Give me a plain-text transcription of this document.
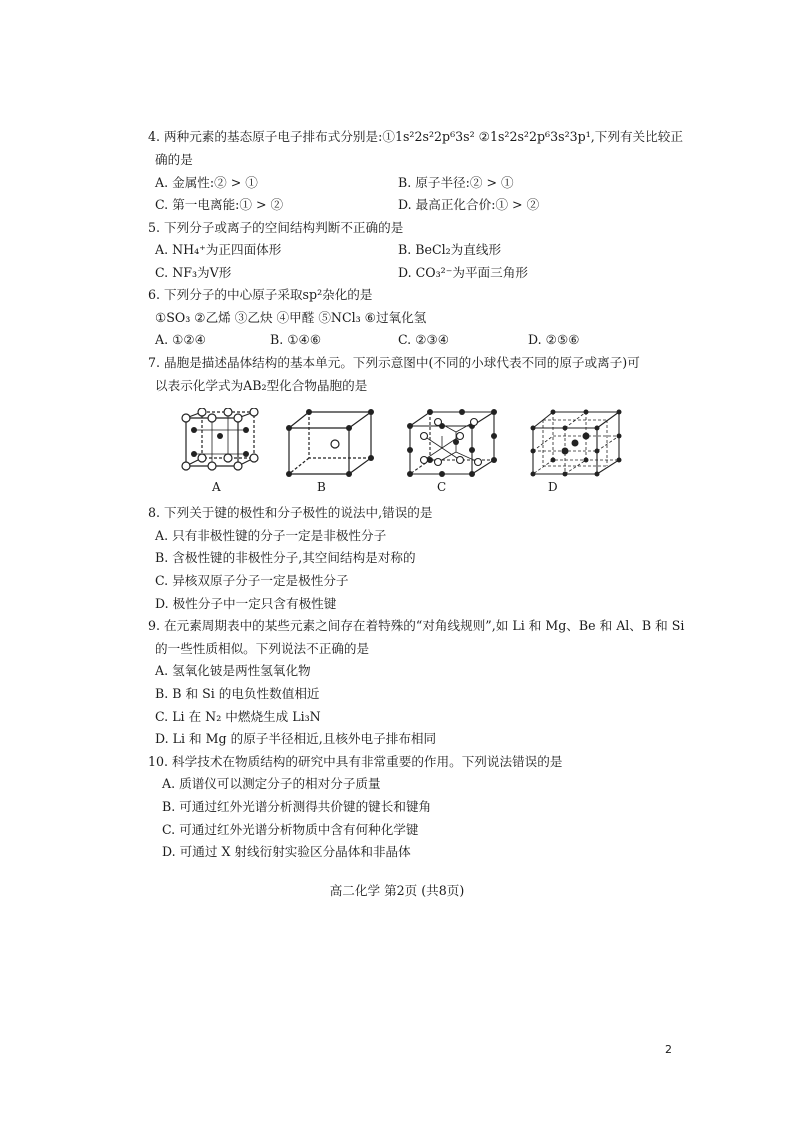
4. 两种元素的基态原子电子排布式分别是:①1s²2s²2p⁶3s² ②1s²2s²2p⁶3s²3p¹,下列有关比较正
确的是
A. 金属性:② > ①	B. 原子半径:② > ①
C. 第一电离能:① > ②	D. 最高正化合价:① > ②
5. 下列分子或离子的空间结构判断不正确的是
A. NH₄⁺为正四面体形	B. BeCl₂为直线形
C. NF₃为V形	D. CO₃²⁻为平面三角形
6. 下列分子的中心原子采取sp²杂化的是
①SO₃ ②乙烯 ③乙炔 ④甲醛 ⑤NCl₃ ⑥过氧化氢
A. ①②④	B. ①④⑥	C. ②③④	D. ②⑤⑥
7. 晶胞是描述晶体结构的基本单元。下列示意图中(不同的小球代表不同的原子或离子)可
以表示化学式为AB₂型化合物晶胞的是
A	B	C	D
8. 下列关于键的极性和分子极性的说法中,错误的是
A. 只有非极性键的分子一定是非极性分子
B. 含极性键的非极性分子,其空间结构是对称的
C. 异核双原子分子一定是极性分子
D. 极性分子中一定只含有极性键
9. 在元素周期表中的某些元素之间存在着特殊的“对角线规则”,如 Li 和 Mg、Be 和 Al、B 和 Si
的一些性质相似。下列说法不正确的是
A. 氢氧化铍是两性氢氧化物
B. B 和 Si 的电负性数值相近
C. Li 在 N₂ 中燃烧生成 Li₃N
D. Li 和 Mg 的原子半径相近,且核外电子排布相同
10. 科学技术在物质结构的研究中具有非常重要的作用。下列说法错误的是
A. 质谱仪可以测定分子的相对分子质量
B. 可通过红外光谱分析测得共价键的键长和键角
C. 可通过红外光谱分析物质中含有何种化学键
D. 可通过 X 射线衍射实验区分晶体和非晶体
高二化学 第2页 (共8页)
2
